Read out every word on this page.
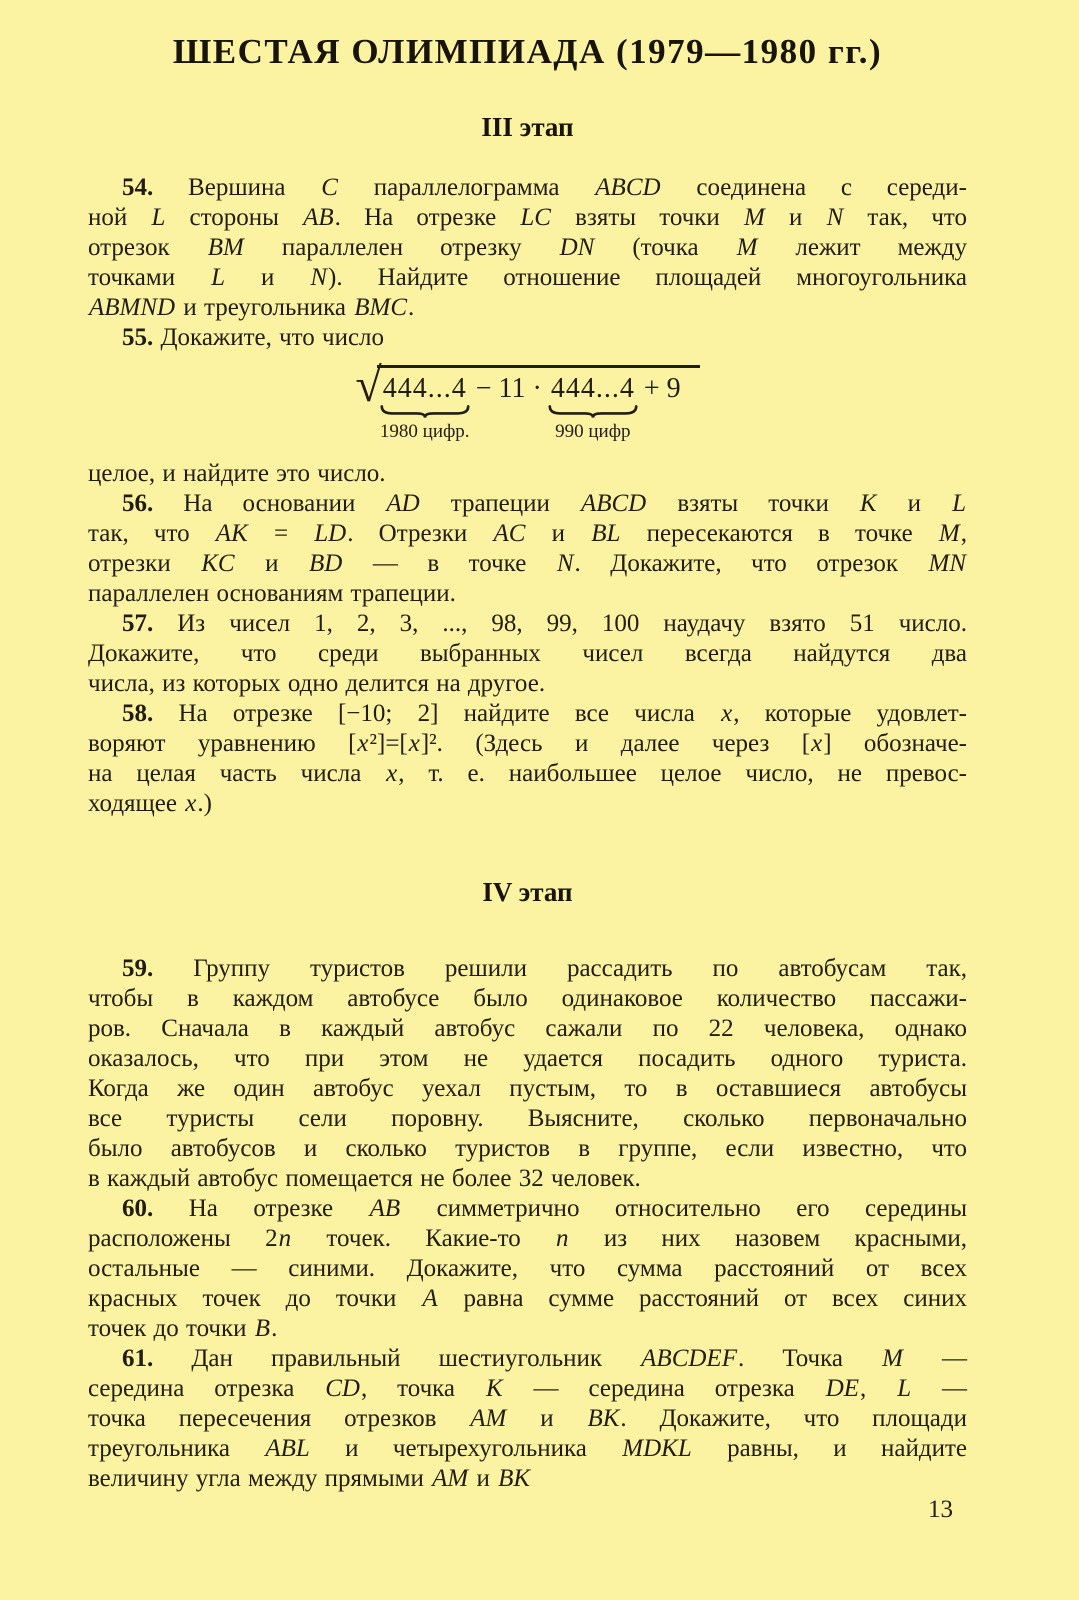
ШЕСТАЯ ОЛИМПИАДА (1979—1980 гг.)
III этап
54. Вершина C параллелограмма ABCD соединена с середи-
ной L стороны AB. На отрезке LC взяты точки M и N так, что
отрезок BM параллелен отрезку DN (точка M лежит между
точками L и N). Найдите отношение площадей многоугольника
ABMND и треугольника BMC.
55. Докажите, что число
√ 444...4
1980 цифр.
− 11 · 444...4
990 цифр
+ 9
целое, и найдите это число.
56. На основании AD трапеции ABCD взяты точки K и L
так, что AK = LD. Отрезки AC и BL пересекаются в точке M,
отрезки KC и BD — в точке N. Докажите, что отрезок MN
параллелен основаниям трапеции.
57. Из чисел 1, 2, 3, ..., 98, 99, 100 наудачу взято 51 число.
Докажите, что среди выбранных чисел всегда найдутся два
числа, из которых одно делится на другое.
58. На отрезке [−10; 2] найдите все числа x, которые удовлет-
воряют уравнению [x²]=[x]². (Здесь и далее через [x] обозначе-
на целая часть числа x, т. е. наибольшее целое число, не превос-
ходящее x.)
IV этап
59. Группу туристов решили рассадить по автобусам так,
чтобы в каждом автобусе было одинаковое количество пассажи-
ров. Сначала в каждый автобус сажали по 22 человека, однако
оказалось, что при этом не удается посадить одного туриста.
Когда же один автобус уехал пустым, то в оставшиеся автобусы
все туристы сели поровну. Выясните, сколько первоначально
было автобусов и сколько туристов в группе, если известно, что
в каждый автобус помещается не более 32 человек.
60. На отрезке AB симметрично относительно его середины
расположены 2n точек. Какие-то n из них назовем красными,
остальные — синими. Докажите, что сумма расстояний от всех
красных точек до точки A равна сумме расстояний от всех синих
точек до точки B.
61. Дан правильный шестиугольник ABCDEF. Точка M —
середина отрезка CD, точка K — середина отрезка DE, L —
точка пересечения отрезков AM и BK. Докажите, что площади
треугольника ABL и четырехугольника MDKL равны, и найдите
величину угла между прямыми AM и BK
13
